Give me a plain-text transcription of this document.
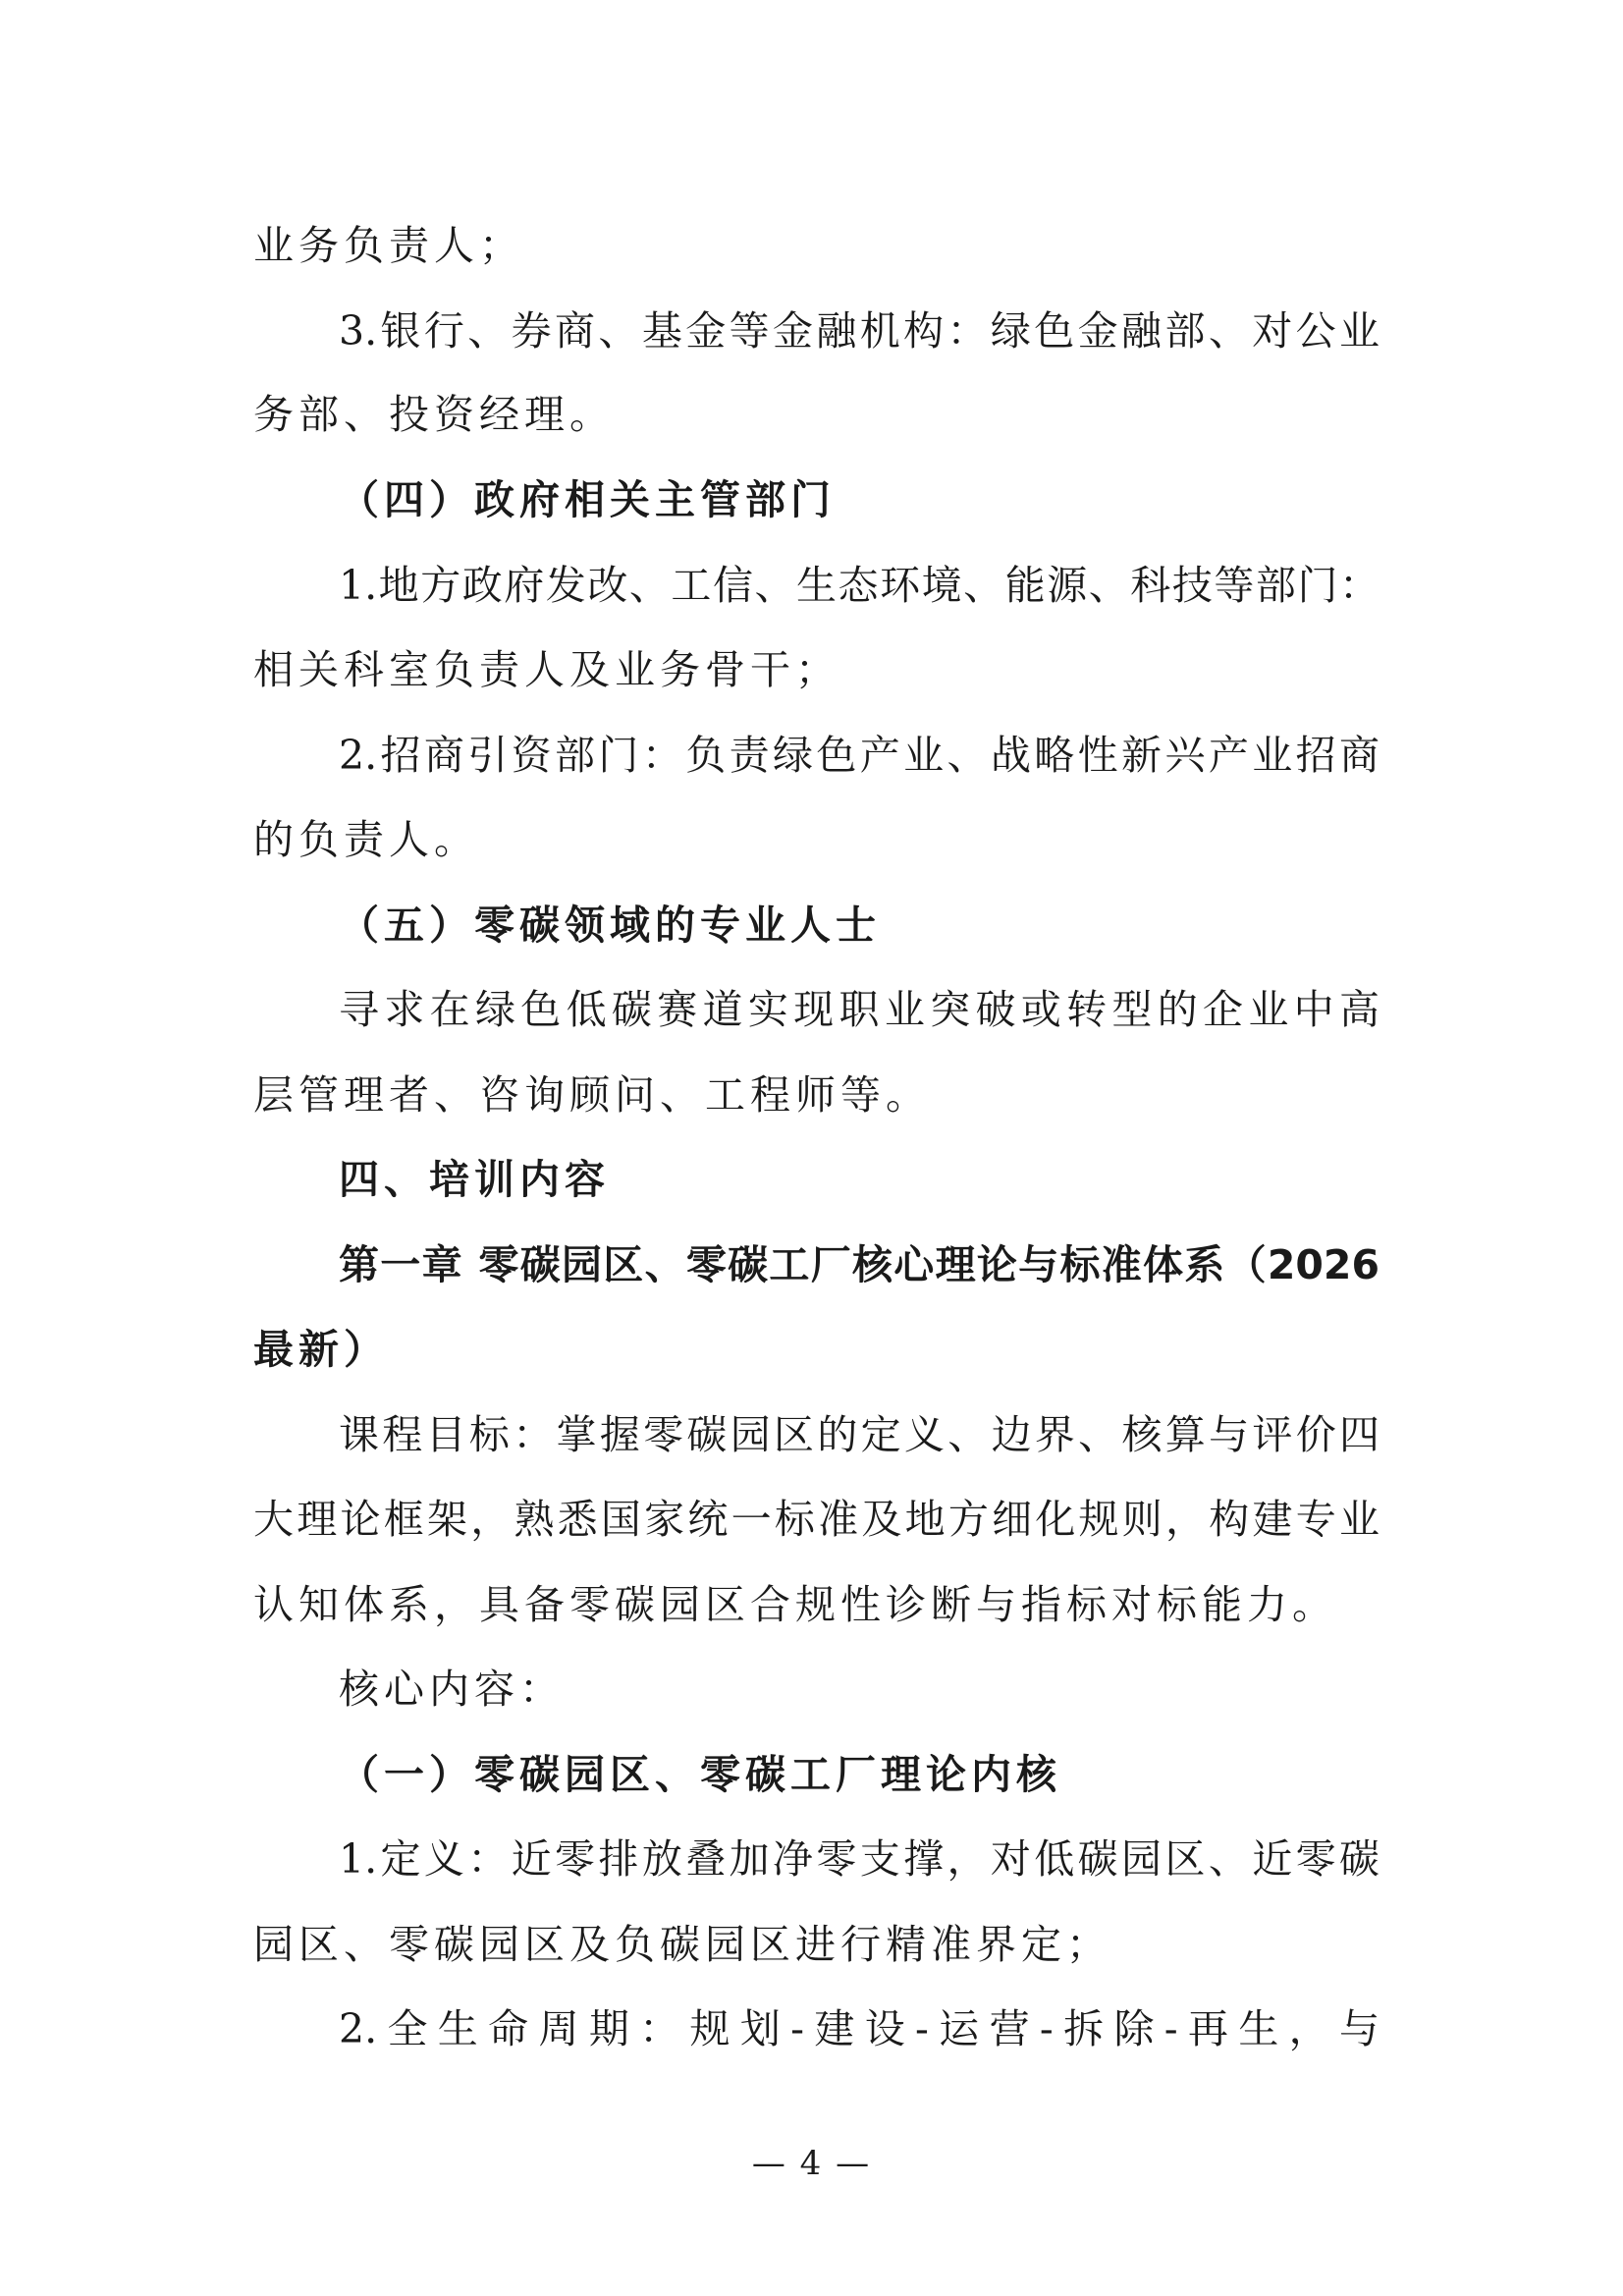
业务负责人；
3.银行、券商、基金等金融机构：绿色金融部、对公业
务部、投资经理。
（四）政府相关主管部门
1.地方政府发改、工信、生态环境、能源、科技等部门：
相关科室负责人及业务骨干；
2.招商引资部门：负责绿色产业、战略性新兴产业招商
的负责人。
（五）零碳领域的专业人士
寻求在绿色低碳赛道实现职业突破或转型的企业中高
层管理者、咨询顾问、工程师等。
四、培训内容
第一章 零碳园区、零碳工厂核心理论与标准体系（2026
最新）
课程目标：掌握零碳园区的定义、边界、核算与评价四
大理论框架，熟悉国家统一标准及地方细化规则，构建专业
认知体系，具备零碳园区合规性诊断与指标对标能力。
核心内容：
（一）零碳园区、零碳工厂理论内核
1.定义：近零排放叠加净零支撑，对低碳园区、近零碳
园区、零碳园区及负碳园区进行精准界定；
2.全生命周期：规划-建设-运营-拆除-再生，与
— 4 —
